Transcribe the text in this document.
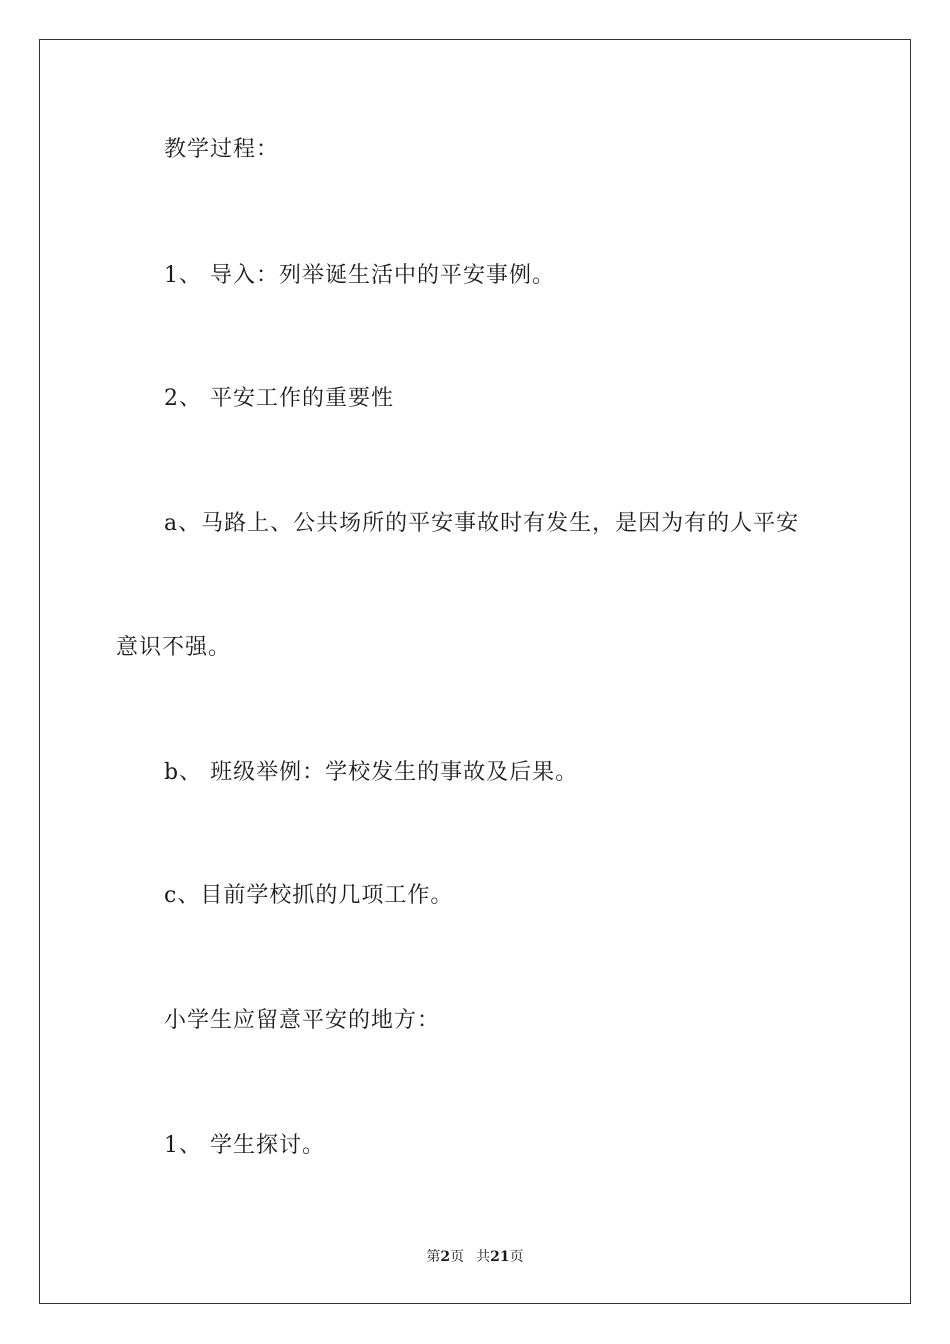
教学过程：
1、 导入：列举诞生活中的平安事例。
2、 平安工作的重要性
a、马路上、公共场所的平安事故时有发生，是因为有的人平安
意识不强。
b、 班级举例：学校发生的事故及后果。
c、目前学校抓的几项工作。
小学生应留意平安的地方：
1、 学生探讨。
第2页 共21页
